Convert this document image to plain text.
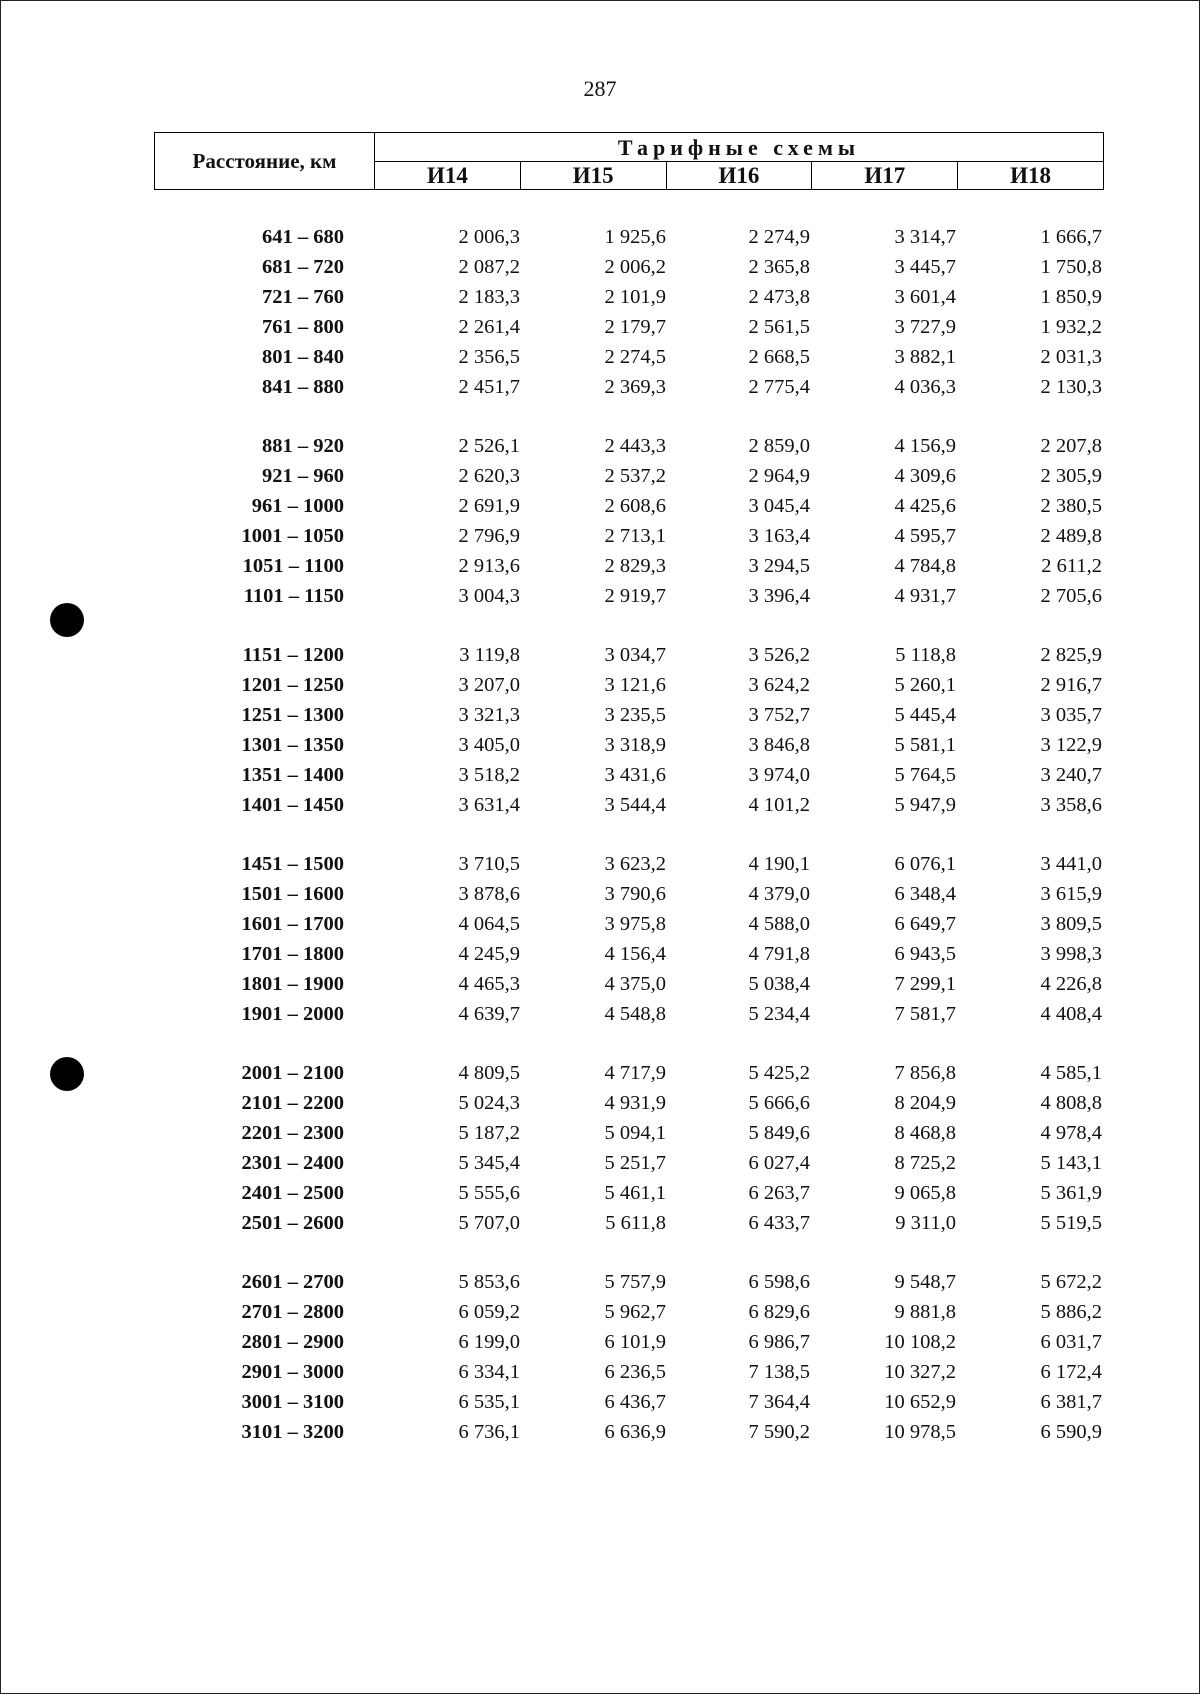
287
Расстояние, км
Тарифные схемы
И14	И15	И16	И17	И18
641 – 680	2 006,3	1 925,6	2 274,9	3 314,7	1 666,7
681 – 720	2 087,2	2 006,2	2 365,8	3 445,7	1 750,8
721 – 760	2 183,3	2 101,9	2 473,8	3 601,4	1 850,9
761 – 800	2 261,4	2 179,7	2 561,5	3 727,9	1 932,2
801 – 840	2 356,5	2 274,5	2 668,5	3 882,1	2 031,3
841 – 880	2 451,7	2 369,3	2 775,4	4 036,3	2 130,3
881 – 920	2 526,1	2 443,3	2 859,0	4 156,9	2 207,8
921 – 960	2 620,3	2 537,2	2 964,9	4 309,6	2 305,9
961 – 1000	2 691,9	2 608,6	3 045,4	4 425,6	2 380,5
1001 – 1050	2 796,9	2 713,1	3 163,4	4 595,7	2 489,8
1051 – 1100	2 913,6	2 829,3	3 294,5	4 784,8	2 611,2
1101 – 1150	3 004,3	2 919,7	3 396,4	4 931,7	2 705,6
1151 – 1200	3 119,8	3 034,7	3 526,2	5 118,8	2 825,9
1201 – 1250	3 207,0	3 121,6	3 624,2	5 260,1	2 916,7
1251 – 1300	3 321,3	3 235,5	3 752,7	5 445,4	3 035,7
1301 – 1350	3 405,0	3 318,9	3 846,8	5 581,1	3 122,9
1351 – 1400	3 518,2	3 431,6	3 974,0	5 764,5	3 240,7
1401 – 1450	3 631,4	3 544,4	4 101,2	5 947,9	3 358,6
1451 – 1500	3 710,5	3 623,2	4 190,1	6 076,1	3 441,0
1501 – 1600	3 878,6	3 790,6	4 379,0	6 348,4	3 615,9
1601 – 1700	4 064,5	3 975,8	4 588,0	6 649,7	3 809,5
1701 – 1800	4 245,9	4 156,4	4 791,8	6 943,5	3 998,3
1801 – 1900	4 465,3	4 375,0	5 038,4	7 299,1	4 226,8
1901 – 2000	4 639,7	4 548,8	5 234,4	7 581,7	4 408,4
2001 – 2100	4 809,5	4 717,9	5 425,2	7 856,8	4 585,1
2101 – 2200	5 024,3	4 931,9	5 666,6	8 204,9	4 808,8
2201 – 2300	5 187,2	5 094,1	5 849,6	8 468,8	4 978,4
2301 – 2400	5 345,4	5 251,7	6 027,4	8 725,2	5 143,1
2401 – 2500	5 555,6	5 461,1	6 263,7	9 065,8	5 361,9
2501 – 2600	5 707,0	5 611,8	6 433,7	9 311,0	5 519,5
2601 – 2700	5 853,6	5 757,9	6 598,6	9 548,7	5 672,2
2701 – 2800	6 059,2	5 962,7	6 829,6	9 881,8	5 886,2
2801 – 2900	6 199,0	6 101,9	6 986,7	10 108,2	6 031,7
2901 – 3000	6 334,1	6 236,5	7 138,5	10 327,2	6 172,4
3001 – 3100	6 535,1	6 436,7	7 364,4	10 652,9	6 381,7
3101 – 3200	6 736,1	6 636,9	7 590,2	10 978,5	6 590,9
